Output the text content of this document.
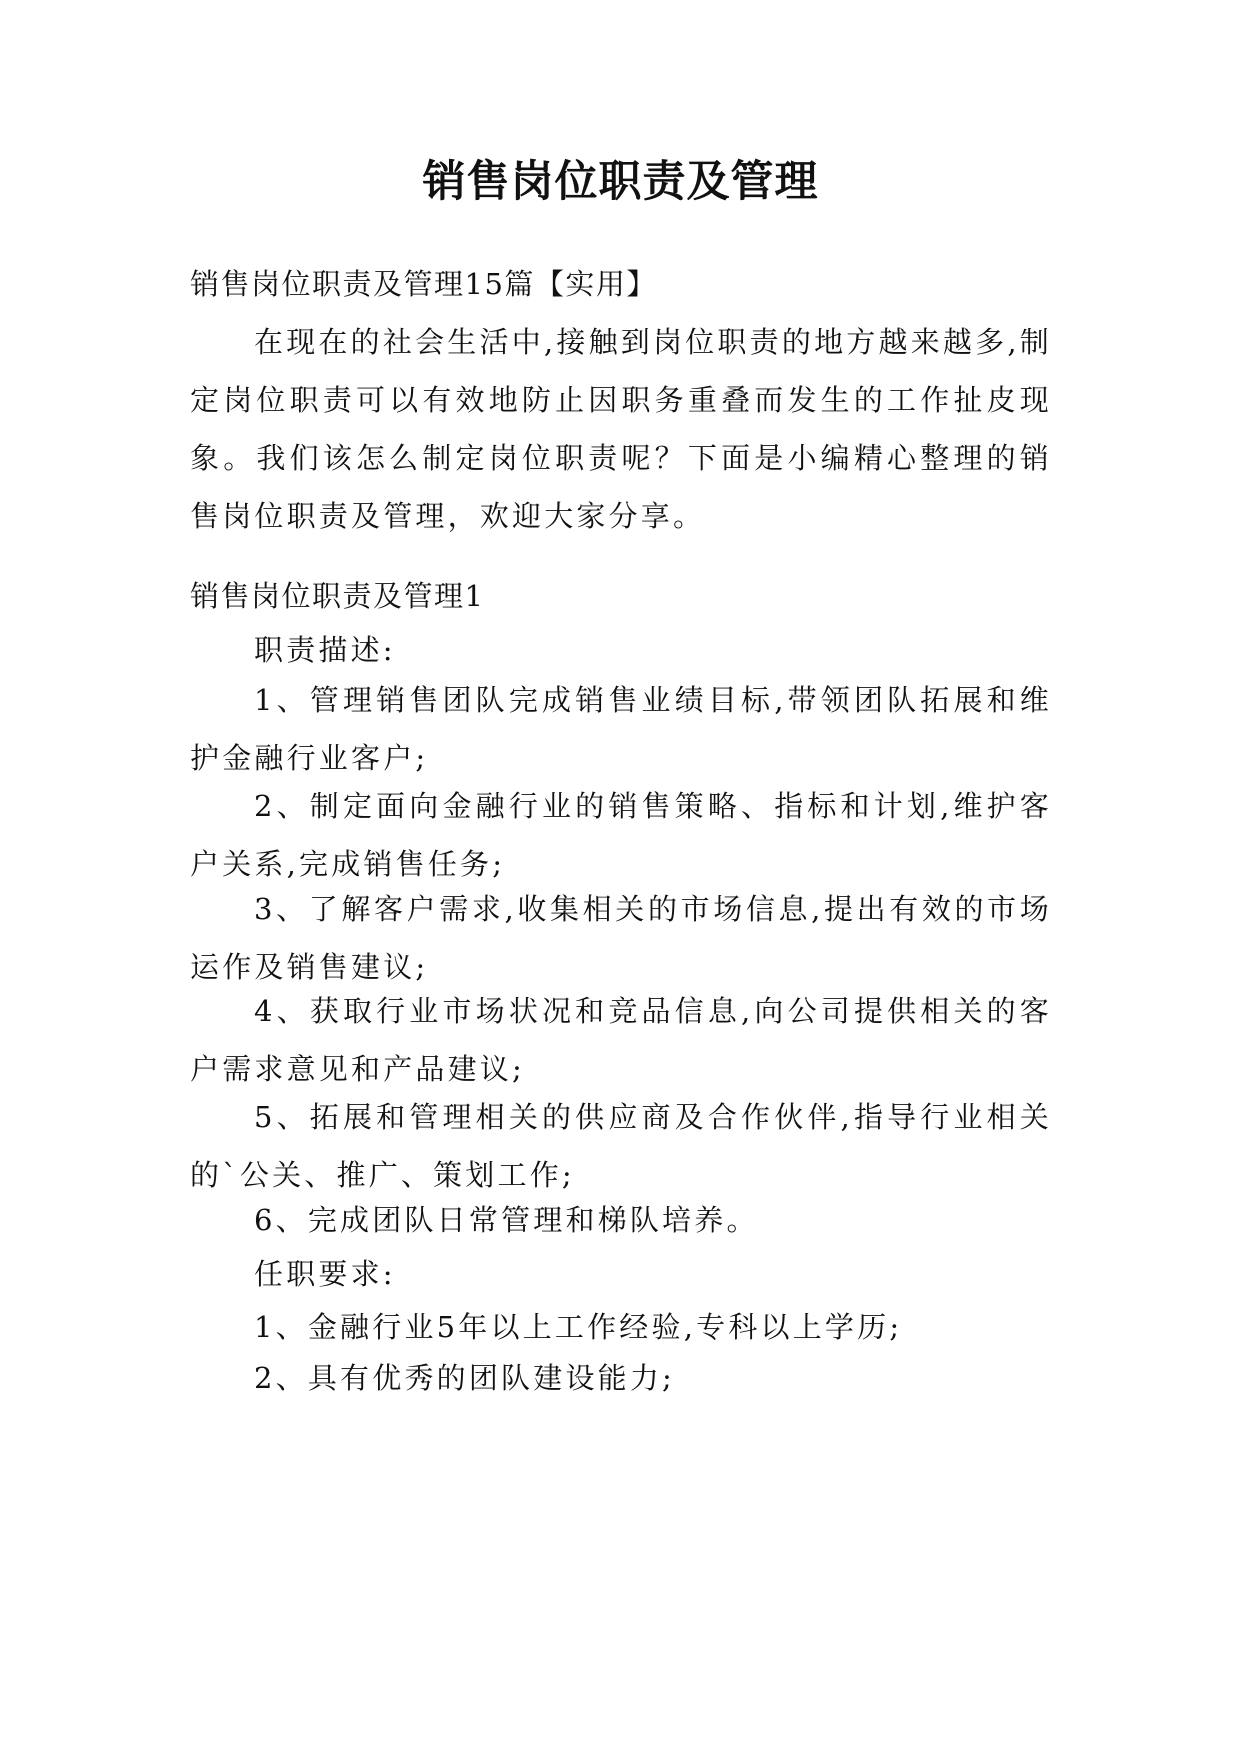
销售岗位职责及管理

销售岗位职责及管理15篇【实用】

在现在的社会生活中,接触到岗位职责的地方越来越多,制定岗位职责可以有效地防止因职务重叠而发生的工作扯皮现象。我们该怎么制定岗位职责呢？下面是小编精心整理的销售岗位职责及管理，欢迎大家分享。

销售岗位职责及管理1

职责描述:

1、管理销售团队完成销售业绩目标,带领团队拓展和维护金融行业客户;

2、制定面向金融行业的销售策略、指标和计划,维护客户关系,完成销售任务;

3、了解客户需求,收集相关的市场信息,提出有效的市场运作及销售建议;

4、获取行业市场状况和竞品信息,向公司提供相关的客户需求意见和产品建议;

5、拓展和管理相关的供应商及合作伙伴,指导行业相关的`公关、推广、策划工作;

6、完成团队日常管理和梯队培养。

任职要求:

1、金融行业5年以上工作经验,专科以上学历;

2、具有优秀的团队建设能力;
